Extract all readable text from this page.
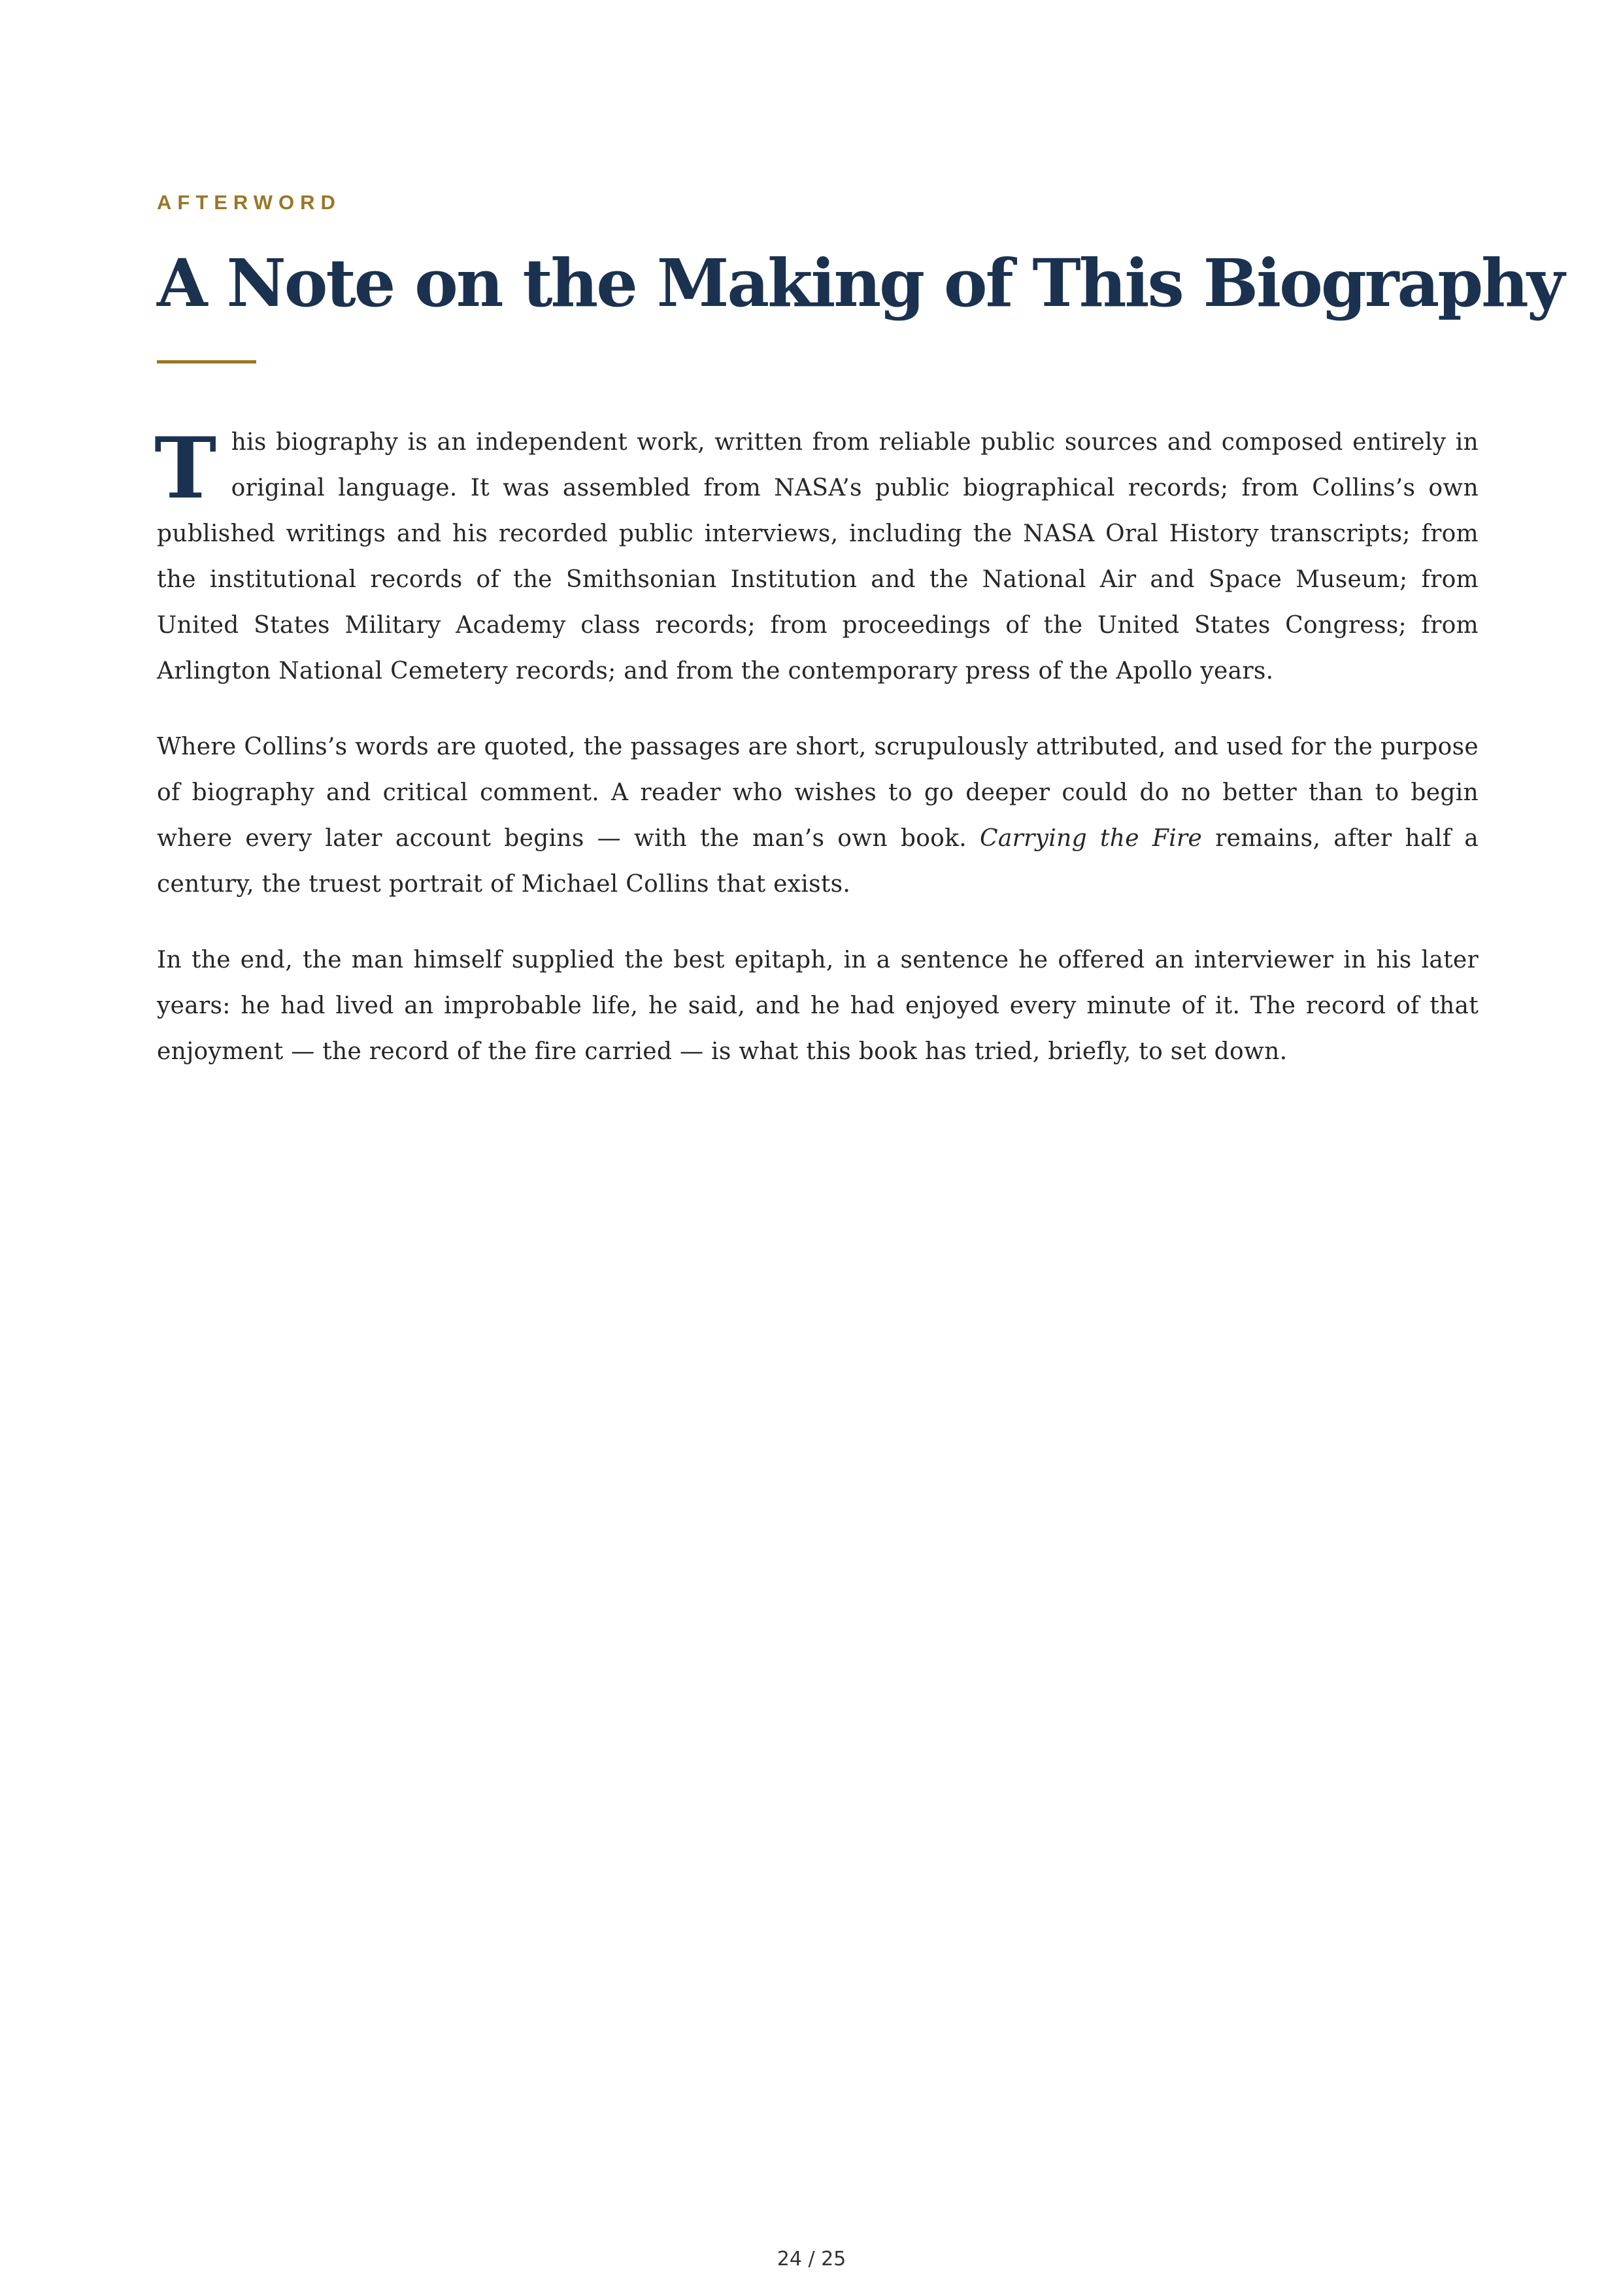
AFTERWORD
A Note on the Making of This Biography

This biography is an independent work, written from reliable public sources and composed entirely in original language. It was assembled from NASA’s public biographical records; from Collins’s own published writings and his recorded public interviews, including the NASA Oral History transcripts; from the institutional records of the Smithsonian Institution and the National Air and Space Museum; from United States Military Academy class records; from proceedings of the United States Congress; from Arlington National Cemetery records; and from the contemporary press of the Apollo years.

Where Collins’s words are quoted, the passages are short, scrupulously attributed, and used for the purpose of biography and critical comment. A reader who wishes to go deeper could do no better than to begin where every later account begins — with the man’s own book. Carrying the Fire remains, after half a century, the truest portrait of Michael Collins that exists.

In the end, the man himself supplied the best epitaph, in a sentence he offered an interviewer in his later years: he had lived an improbable life, he said, and he had enjoyed every minute of it. The record of that enjoyment — the record of the fire carried — is what this book has tried, briefly, to set down.

24 / 25
